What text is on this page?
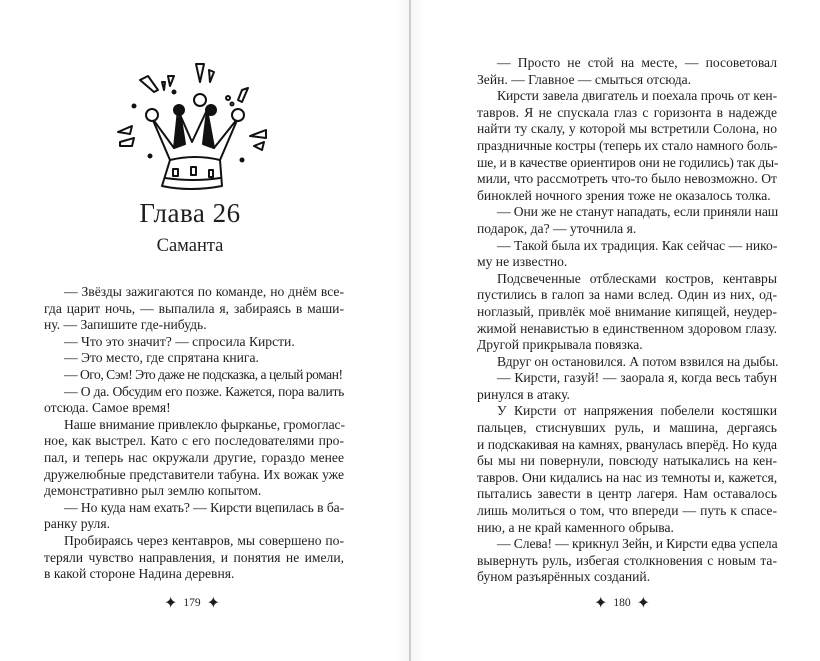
Глава 26
Саманта
— Звёзды зажигаются по команде, но днём все-
гда царит ночь, — выпалила я, забираясь в маши-
ну. — Запишите где-нибудь.
— Что это значит? — спросила Кирсти.
— Это место, где спрятана книга.
— Ого, Сэм! Это даже не подсказка, а целый роман!
— О да. Обсудим его позже. Кажется, пора валить
отсюда. Самое время!
Наше внимание привлекло фырканье, громоглас-
ное, как выстрел. Като с его последователями про-
пал, и теперь нас окружали другие, гораздо менее
дружелюбные представители табуна. Их вожак уже
демонстративно рыл землю копытом.
— Но куда нам ехать? — Кирсти вцепилась в ба-
ранку руля.
Пробираясь через кентавров, мы совершено по-
теряли чувство направления, и понятия не имели,
в какой стороне Надина деревня.
— Просто не стой на месте, — посоветовал
Зейн. — Главное — смыться отсюда.
Кирсти завела двигатель и поехала прочь от кен-
тавров. Я не спускала глаз с горизонта в надежде
найти ту скалу, у которой мы встретили Солона, но
праздничные костры (теперь их стало намного боль-
ше, и в качестве ориентиров они не годились) так ды-
мили, что рассмотреть что-то было невозможно. От
биноклей ночного зрения тоже не оказалось толка.
— Они же не станут нападать, если приняли наш
подарок, да? — уточнила я.
— Такой была их традиция. Как сейчас — нико-
му не известно.
Подсвеченные отблесками костров, кентавры
пустились в галоп за нами вслед. Один из них, од-
ноглазый, привлёк моё внимание кипящей, неудер-
жимой ненавистью в единственном здоровом глазу.
Другой прикрывала повязка.
Вдруг он остановился. А потом взвился на дыбы.
— Кирсти, газуй! — заорала я, когда весь табун
ринулся в атаку.
У Кирсти от напряжения побелели костяшки
пальцев, стиснувших руль, и машина, дергаясь
и подскакивая на камнях, рванулась вперёд. Но куда
бы мы ни повернули, повсюду натыкались на кен-
тавров. Они кидались на нас из темноты и, кажется,
пытались завести в центр лагеря. Нам оставалось
лишь молиться о том, что впереди — путь к спасе-
нию, а не край каменного обрыва.
— Слева! — крикнул Зейн, и Кирсти едва успела
вывернуть руль, избегая столкновения с новым та-
буном разъярённых созданий.
✦ 179 ✦	✦ 180 ✦
